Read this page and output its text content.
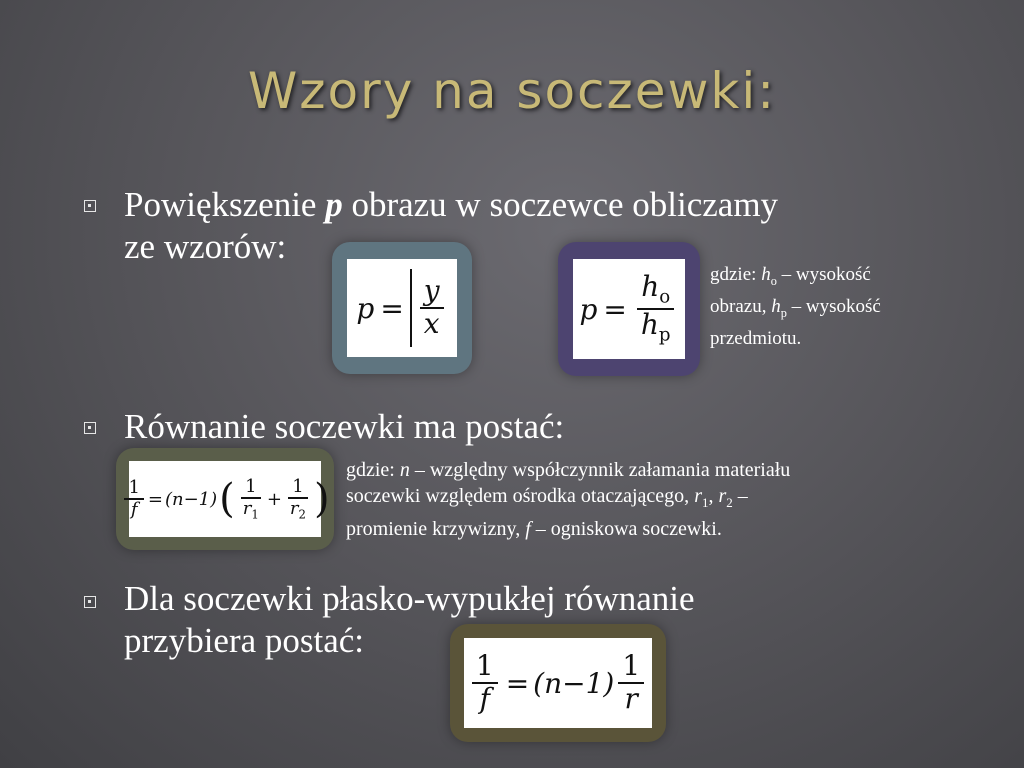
Wzory na soczewki:
Powiększenie p obrazu w soczewce obliczamy
ze wzorów:
$p = \frac{y}{x}$	$p = \frac{h_o}{h_p}$ gdzie: $h_o$ – wysokość
obrazu, $h_p$ – wysokość
przedmiotu.
Równanie soczewki ma postać:
$\frac{1}{f} = (n-1)$ ( $\frac{1}{r_1} + \frac{1}{r_2}$ )
gdzie: n – względny współczynnik załamania materiału
soczewki względem ośrodka otaczającego, $r_1$, $r_2$ –
promienie krzywizny, f – ogniskowa soczewki.
Dla soczewki płasko-wypukłej równanie
przybiera postać:
$\frac{1}{f} = (n-1) \frac{1}{r}$
